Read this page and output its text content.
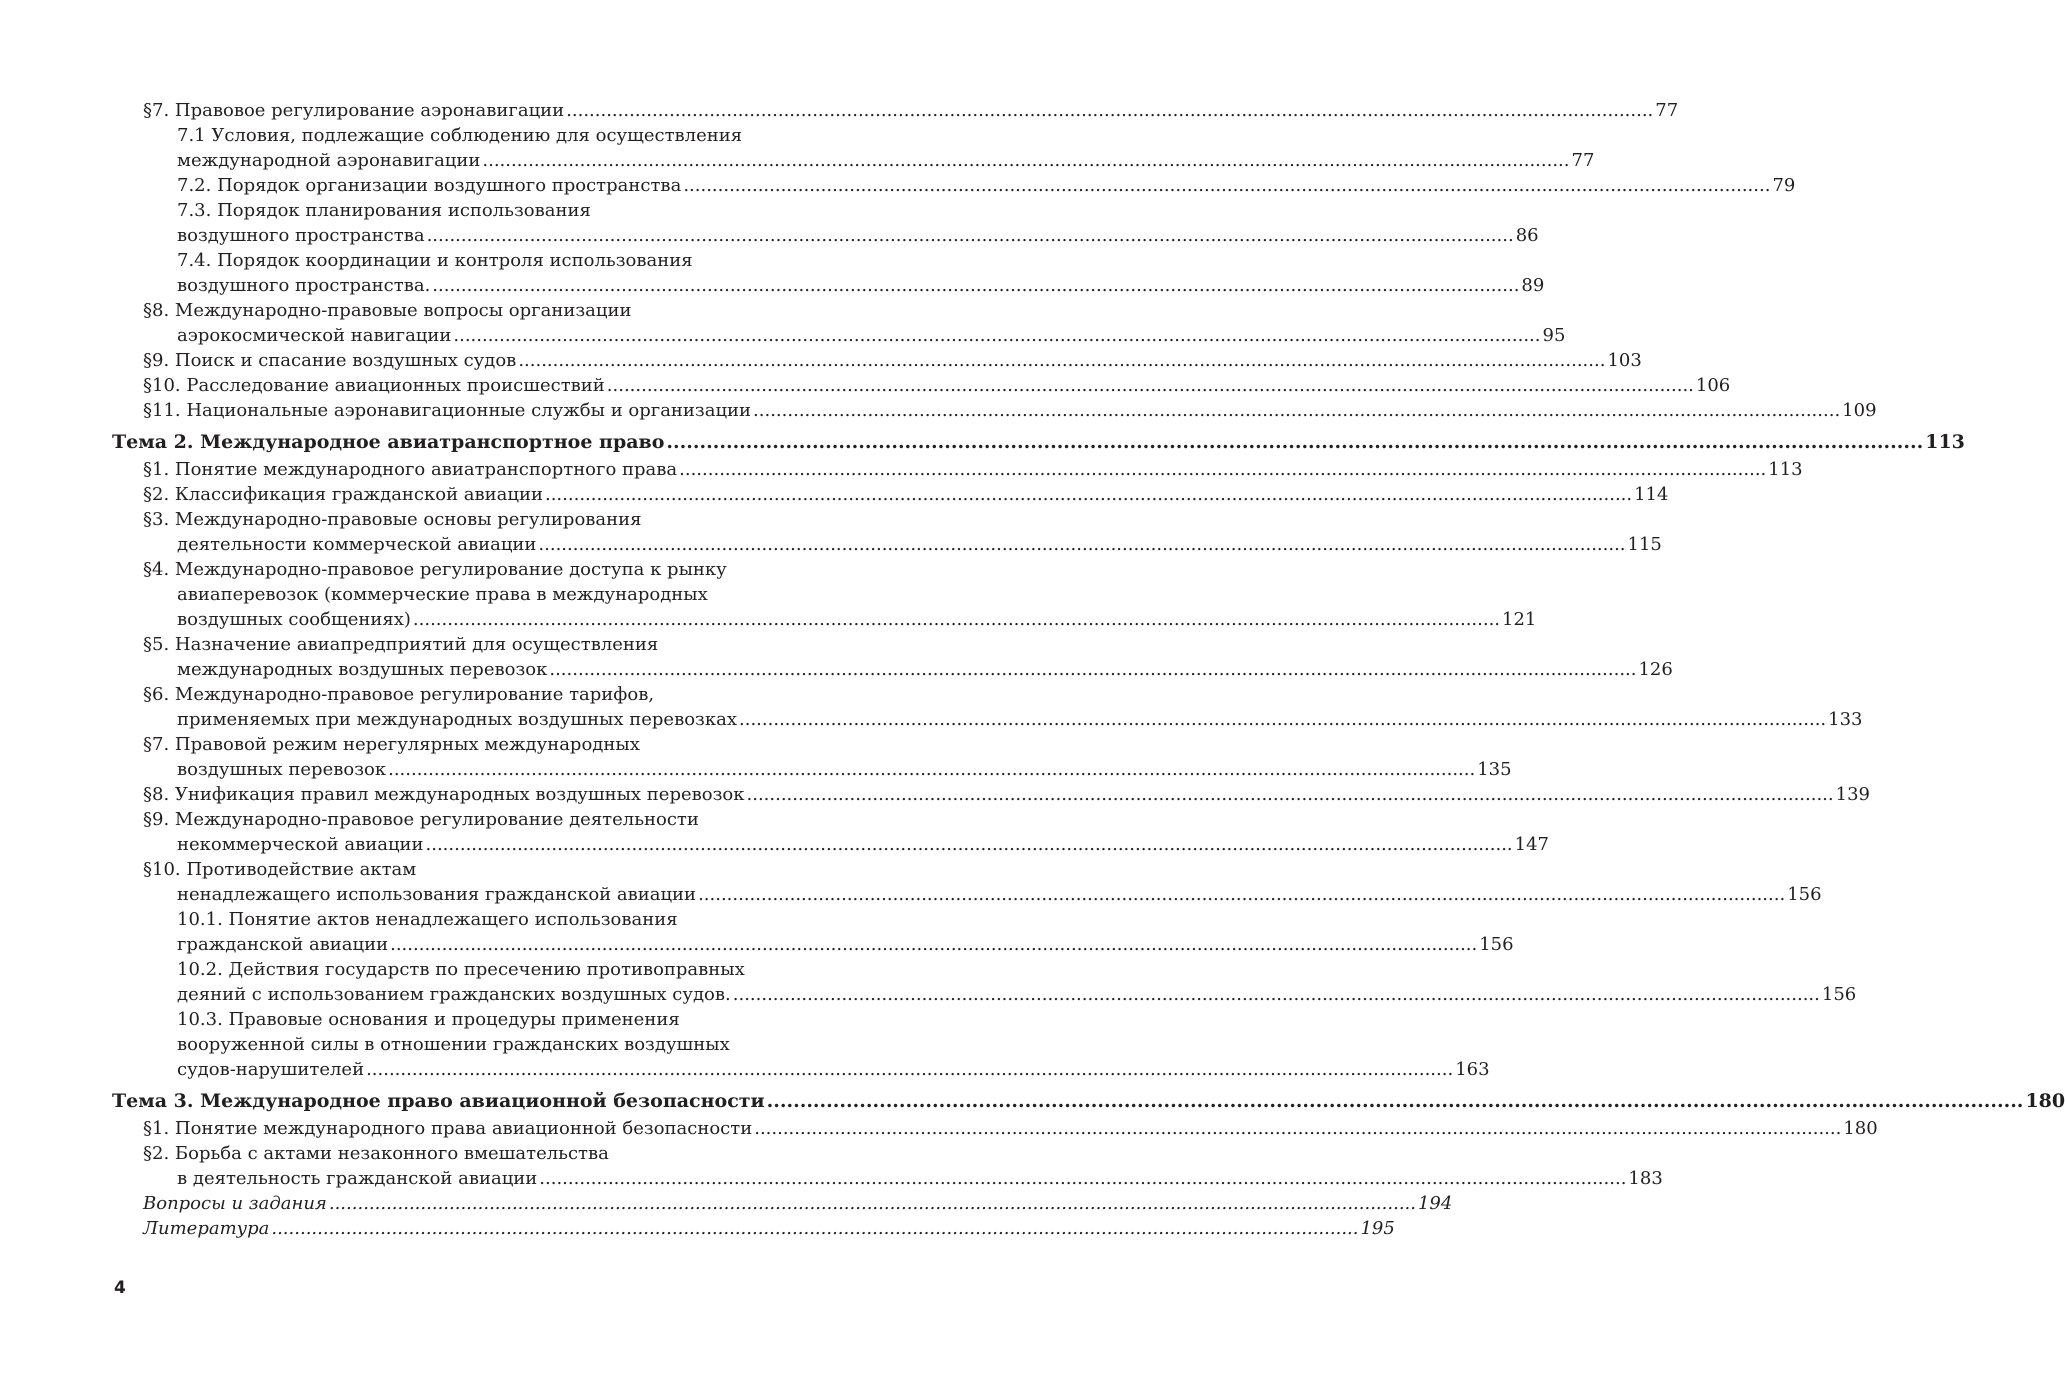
§7. Правовое регулирование аэронавигации .....	77
7.1 Условия, подлежащие соблюдению для осуществления
международной аэронавигации .....	77
7.2. Порядок организации воздушного пространства .....	79
7.3. Порядок планирования использования
воздушного пространства .....	86
7.4. Порядок координации и контроля использования
воздушного пространства. .....	89
§8. Международно-правовые вопросы организации
аэрокосмической навигации .....	95
§9. Поиск и спасание воздушных судов .....	103
§10. Расследование авиационных происшествий .....	106
§11. Национальные аэронавигационные службы и организации .....	109
Тема 2. Международное авиатранспортное право .....	113
§1. Понятие международного авиатранспортного права .....	113
§2. Классификация гражданской авиации .....	114
§3. Международно-правовые основы регулирования
деятельности коммерческой авиации .....	115
§4. Международно-правовое регулирование доступа к рынку
авиаперевозок (коммерческие права в международных
воздушных сообщениях) .....	121
§5. Назначение авиапредприятий для осуществления
международных воздушных перевозок .....	126
§6. Международно-правовое регулирование тарифов,
применяемых при международных воздушных перевозках .....	133
§7. Правовой режим нерегулярных международных
воздушных перевозок .....	135
§8. Унификация правил международных воздушных перевозок .....	139
§9. Международно-правовое регулирование деятельности
некоммерческой авиации .....	147
§10. Противодействие актам
ненадлежащего использования гражданской авиации .....	156
10.1. Понятие актов ненадлежащего использования
гражданской авиации .....	156
10.2. Действия государств по пресечению противоправных
деяний с использованием гражданских воздушных судов. .....	156
10.3. Правовые основания и процедуры применения
вооруженной силы в отношении гражданских воздушных
судов-нарушителей .....	163
Тема 3. Международное право авиационной безопасности .....	180
§1. Понятие международного права авиационной безопасности .....	180
§2. Борьба с актами незаконного вмешательства
в деятельность гражданской авиации .....	183
Вопросы и задания .....	194
Литература .....	195
4
